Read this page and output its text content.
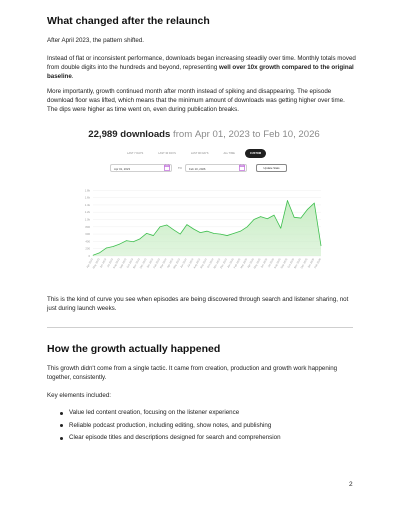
What changed after the relaunch

After April 2023, the pattern shifted.

Instead of flat or inconsistent performance, downloads began increasing steadily over time. Monthly totals moved from double digits into the hundreds and beyond, representing well over 10x growth compared to the original baseline.

More importantly, growth continued month after month instead of spiking and disappearing. The episode download floor was lifted, which means that the minimum amount of downloads was getting higher over time. The dips were higher as time went on, even during publication breaks.

22,989 downloads from Apr 01, 2023 to Feb 10, 2026
LAST 7 DAYS	LAST 30 DAYS	LAST 90 DAYS	ALL TIME	CUSTOM
Apr 01, 2023	TO	Feb 10, 2026	Update Stats
0
200
400
600
800
1.0k
1.2k
1.4k
1.6k
1.8k
Apr 2023
May 2023
Jun 2023 Jul 2023
Aug 2023
Sep 2023
Oct 2023
Nov 2023
Dec 2023
Jan 2024
Feb 2024
Mar 2024
Apr 2024
May 2024
Jun 2024 Jul 2024
Aug 2024
Sep 2024
Oct 2024
Nov 2024
Dec 2024
Jan 2025
Feb 2025
Mar 2025
Apr 2025
May 2025
Jun 2025 Jul 2025
Aug 2025
Sep 2025
Oct 2025
Nov 2025
Dec 2025
Jan 2026
Feb 2026

This is the kind of curve you see when episodes are being discovered through search and listener sharing, not just during launch weeks.

How the growth actually happened

This growth didn't come from a single tactic. It came from creation, production and growth work happening together, consistently.

Key elements included:

Value led content creation, focusing on the listener experience
Reliable podcast production, including editing, show notes, and publishing
Clear episode titles and descriptions designed for search and comprehension
2
